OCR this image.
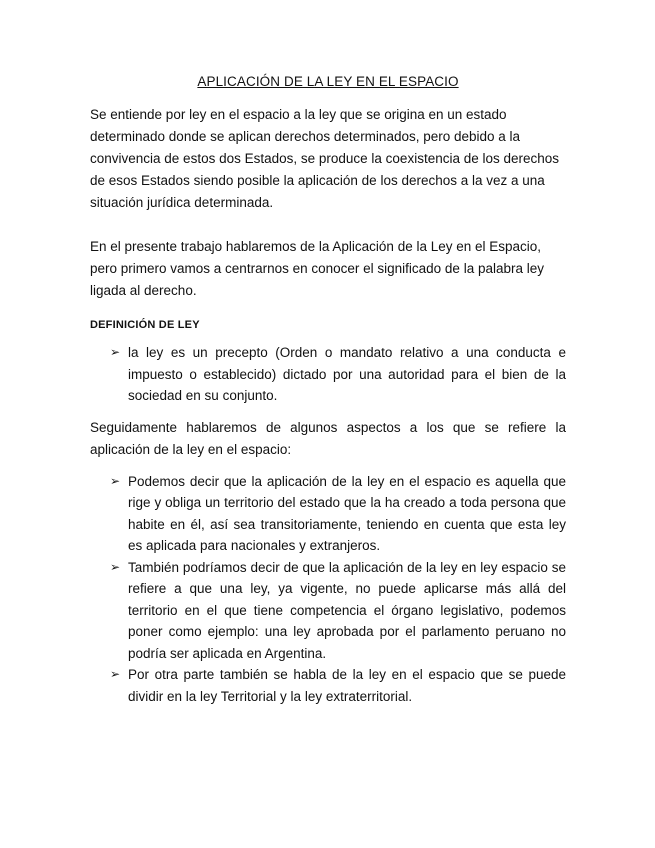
APLICACIÓN DE LA LEY EN EL ESPACIO

Se entiende por ley en el espacio a la ley que se origina en un estado determinado donde se aplican derechos determinados, pero debido a la convivencia de estos dos Estados, se produce la coexistencia de los derechos de esos Estados siendo posible la aplicación de los derechos a la vez a una situación jurídica determinada.

En el presente trabajo hablaremos de la Aplicación de la Ley en el Espacio, pero primero vamos a centrarnos en conocer el significado de la palabra ley ligada al derecho.

DEFINICIÓN DE LEY
➢ la ley es un precepto (Orden o mandato relativo a una conducta e impuesto o establecido) dictado por una autoridad para el bien de la sociedad en su conjunto.

Seguidamente hablaremos de algunos aspectos a los que se refiere la aplicación de la ley en el espacio:

➢ Podemos decir que la aplicación de la ley en el espacio es aquella que rige y obliga un territorio del estado que la ha creado a toda persona que habite en él, así sea transitoriamente, teniendo en cuenta que esta ley es aplicada para nacionales y extranjeros.
➢ También podríamos decir de que la aplicación de la ley en ley espacio se refiere a que una ley, ya vigente, no puede aplicarse más allá del territorio en el que tiene competencia el órgano legislativo, podemos poner como ejemplo: una ley aprobada por el parlamento peruano no podría ser aplicada en Argentina.
➢ Por otra parte también se habla de la ley en el espacio que se puede dividir en la ley Territorial y la ley extraterritorial.
